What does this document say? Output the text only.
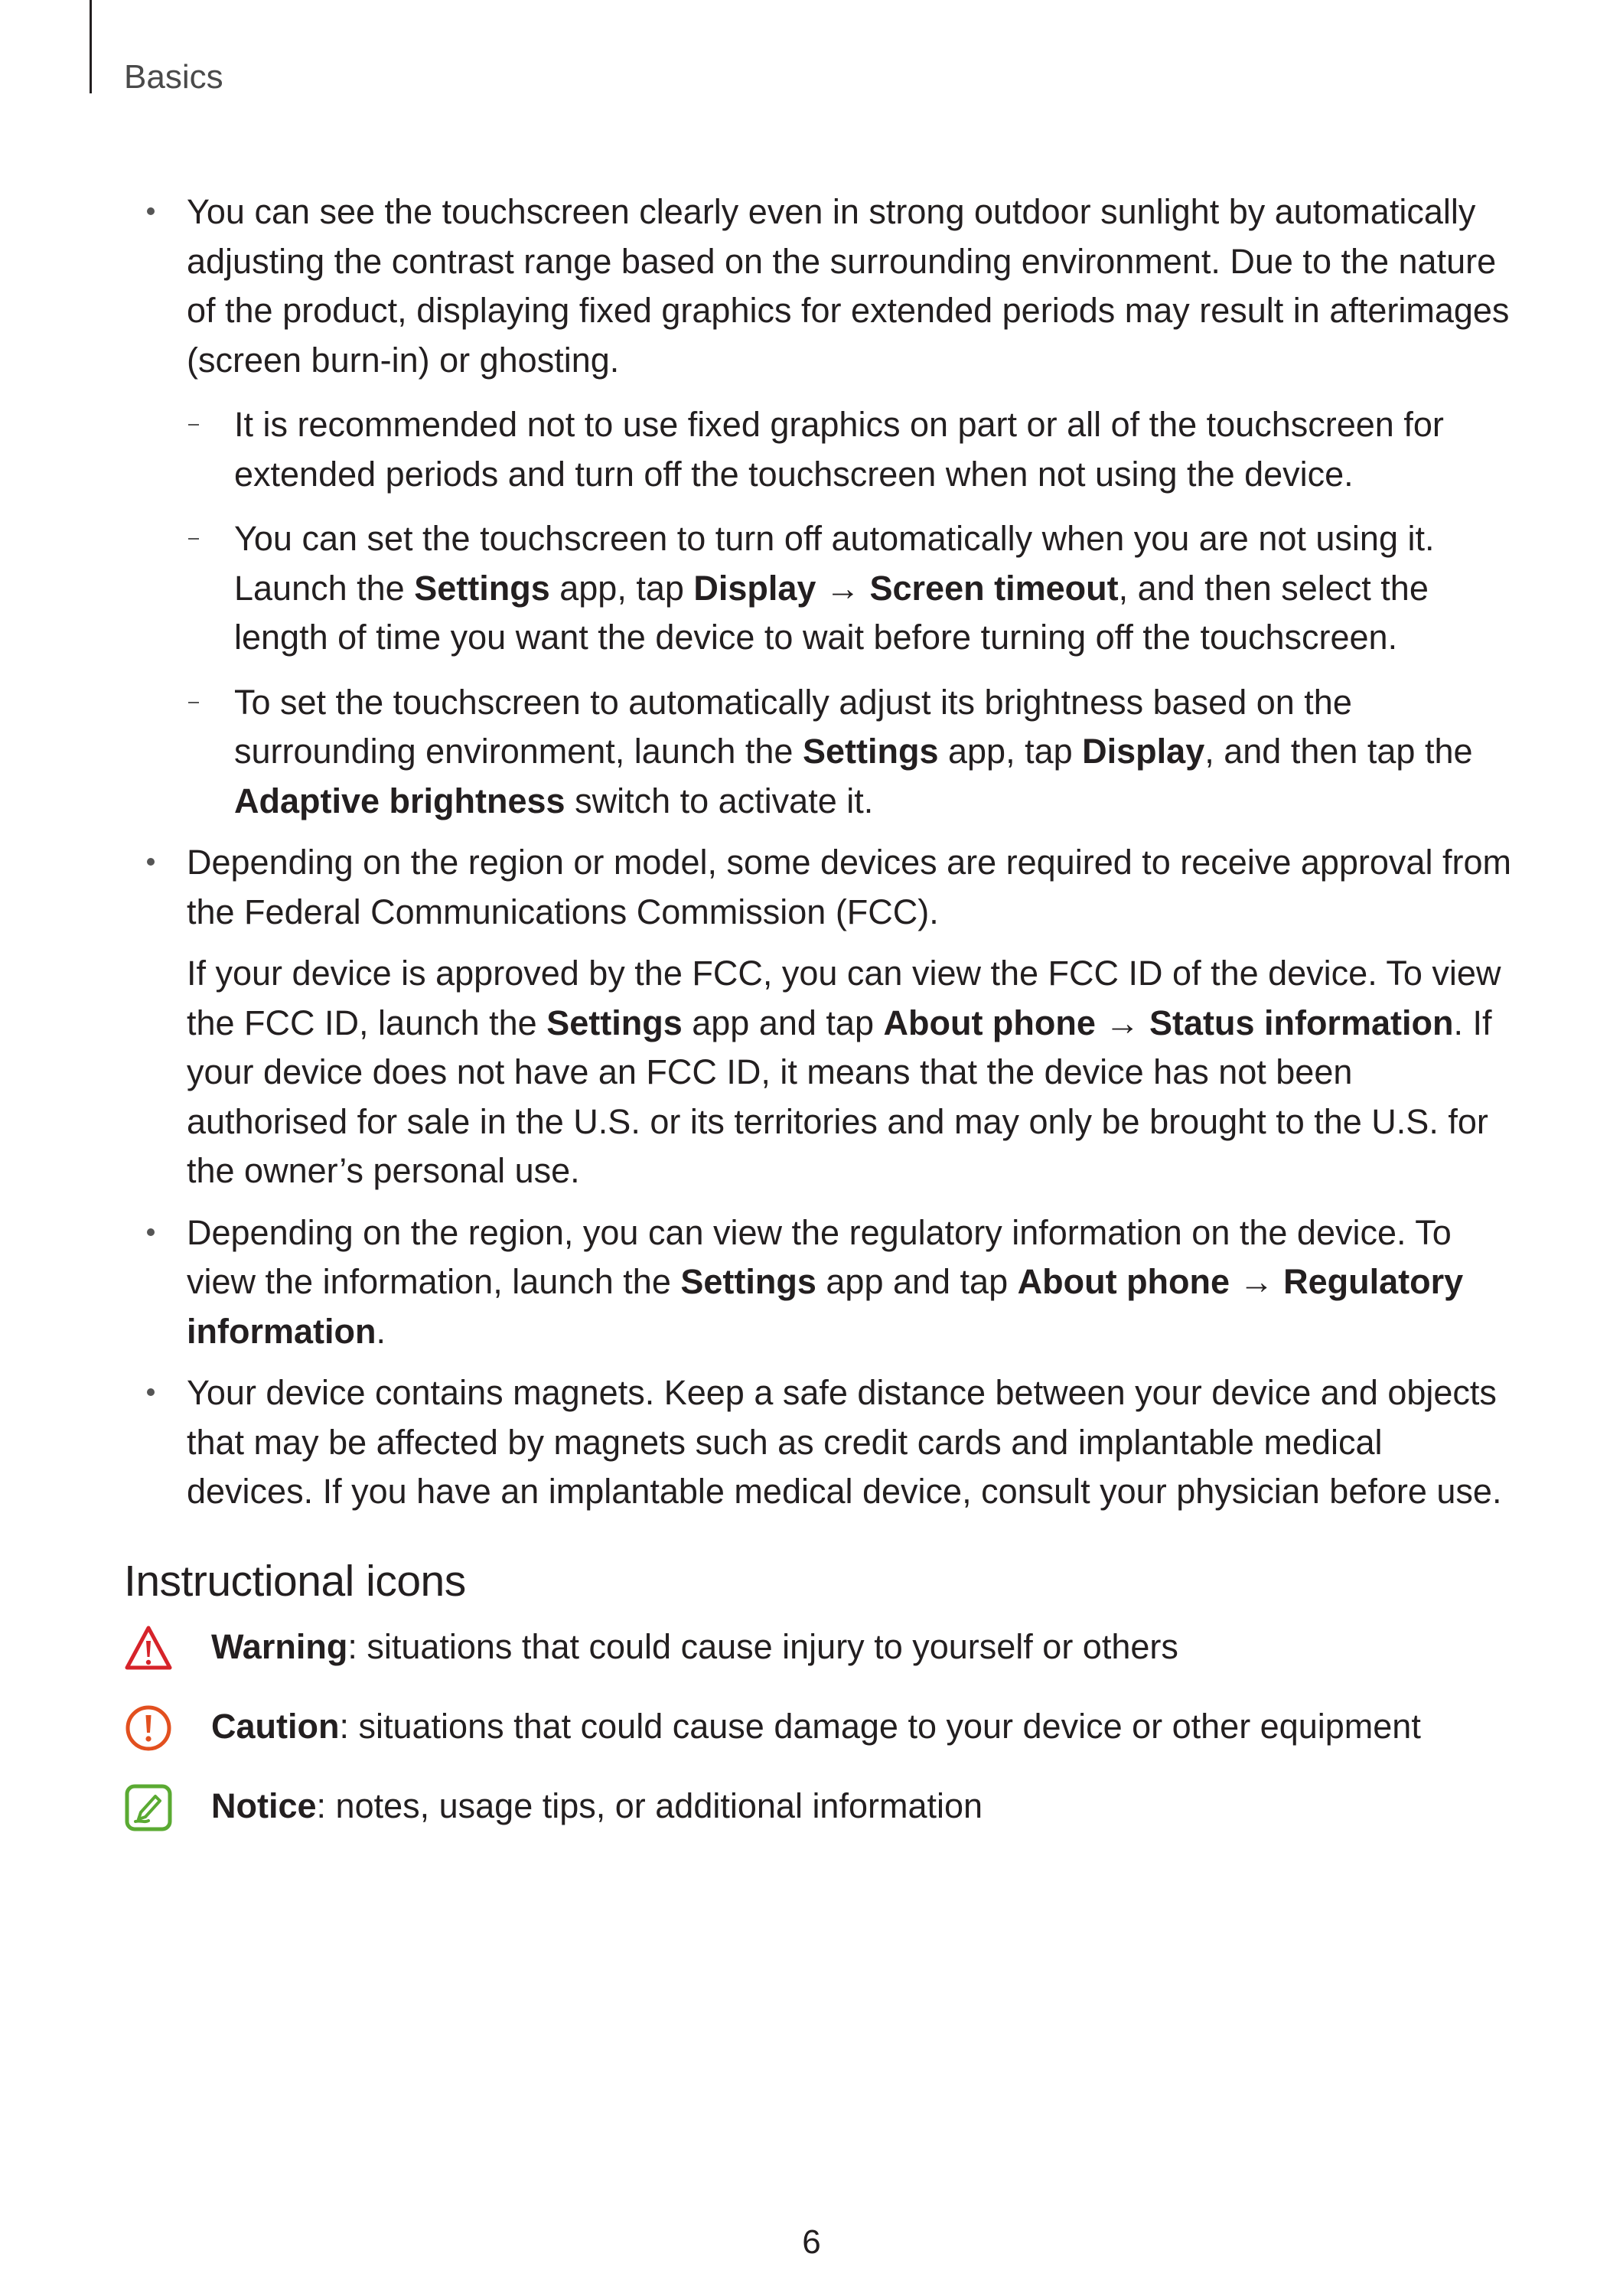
Basics

You can see the touchscreen clearly even in strong outdoor sunlight by automatically adjusting the contrast range based on the surrounding environment. Due to the nature of the product, displaying fixed graphics for extended periods may result in afterimages (screen burn-in) or ghosting.

It is recommended not to use fixed graphics on part or all of the touchscreen for extended periods and turn off the touchscreen when not using the device.

You can set the touchscreen to turn off automatically when you are not using it. Launch the Settings app, tap Display → Screen timeout, and then select the length of time you want the device to wait before turning off the touchscreen.

To set the touchscreen to automatically adjust its brightness based on the surrounding environment, launch the Settings app, tap Display, and then tap the Adaptive brightness switch to activate it.

Depending on the region or model, some devices are required to receive approval from the Federal Communications Commission (FCC).

If your device is approved by the FCC, you can view the FCC ID of the device. To view the FCC ID, launch the Settings app and tap About phone → Status information. If your device does not have an FCC ID, it means that the device has not been authorised for sale in the U.S. or its territories and may only be brought to the U.S. for the owner’s personal use.

Depending on the region, you can view the regulatory information on the device. To view the information, launch the Settings app and tap About phone → Regulatory information.

Your device contains magnets. Keep a safe distance between your device and objects that may be affected by magnets such as credit cards and implantable medical devices. If you have an implantable medical device, consult your physician before use.

Instructional icons
Warning: situations that could cause injury to yourself or others
Caution: situations that could cause damage to your device or other equipment
Notice: notes, usage tips, or additional information
6
